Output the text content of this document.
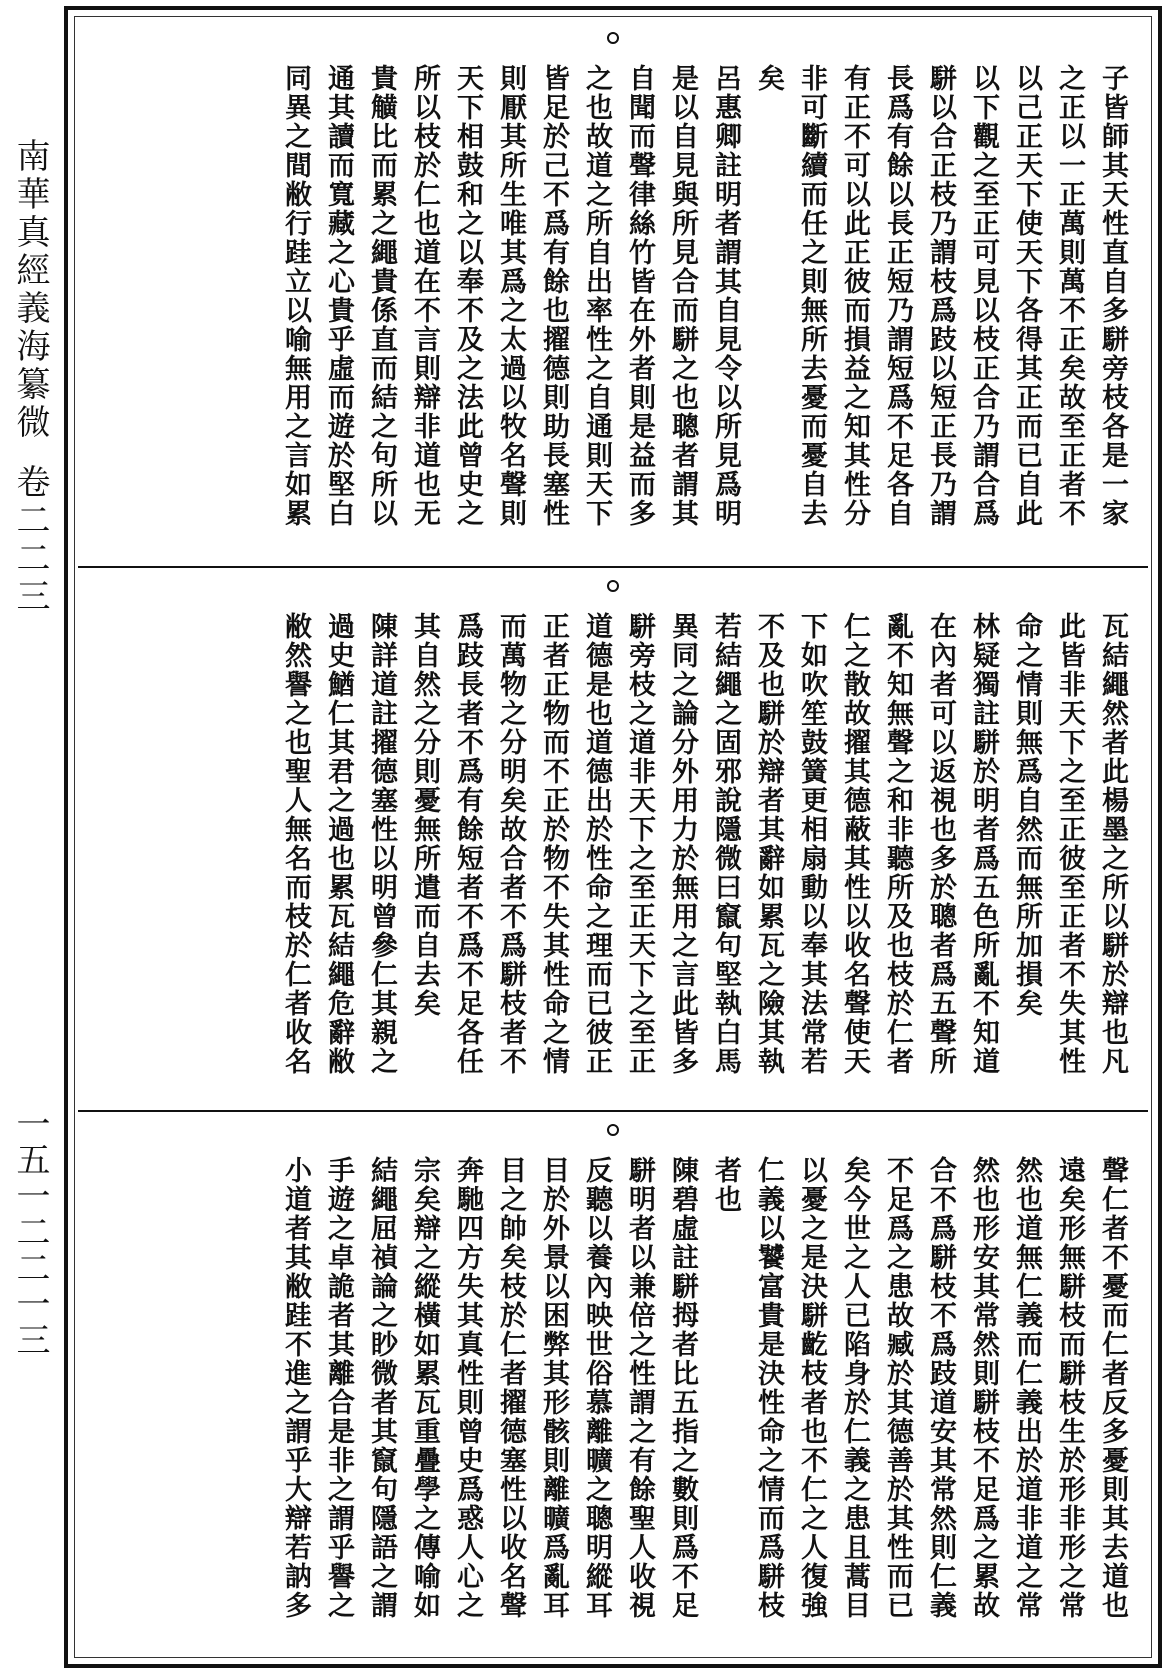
南華真經義海纂微卷二二三
一五一二二一三
子皆師其天性直自多駢旁枝各是一家
之正以一正萬則萬不正矣故至正者不
以己正天下使天下各得其正而已自此
以下觀之至正可見以枝正合乃謂合爲
駢以合正枝乃謂枝爲跂以短正長乃謂
長爲有餘以長正短乃謂短爲不足各自
有正不可以此正彼而損益之知其性分
非可斷續而任之則無所去憂而憂自去
矣
呂惠卿註明者謂其自見令以所見爲明
是以自見與所見合而駢之也聰者謂其
自聞而聲律絲竹皆在外者則是益而多
之也故道之所自出率性之自通則天下
皆足於己不爲有餘也擢德則助長塞性
則厭其所生唯其爲之太過以牧名聲則
天下相鼓和之以奉不及之法此曾史之
所以枝於仁也道在不言則辯非道也无
貴觵比而累之繩貴係直而結之句所以
通其讀而寬藏之心貴乎虛而遊於堅白
同異之間敝行跬立以喻無用之言如累
瓦結繩然者此楊墨之所以駢於辯也凡
此皆非天下之至正彼至正者不失其性
命之情則無爲自然而無所加損矣
林疑獨註駢於明者爲五色所亂不知道
在內者可以返視也多於聰者爲五聲所
亂不知無聲之和非聽所及也枝於仁者
仁之散故擢其德蔽其性以收名聲使天
下如吹笙鼓簧更相扇動以奉其法常若
不及也駢於辯者其辭如累瓦之險其執
若結繩之固邪說隱微曰竄句堅執白馬
異同之論分外用力於無用之言此皆多
駢旁枝之道非天下之至正天下之至正
道德是也道德出於性命之理而已彼正
正者正物而不正於物不失其性命之情
而萬物之分明矣故合者不爲駢枝者不
爲跂長者不爲有餘短者不爲不足各任
其自然之分則憂無所遣而自去矣
陳詳道註擢德塞性以明曾參仁其親之
過史鰌仁其君之過也累瓦結繩危辭敝
敝然譽之也聖人無名而枝於仁者收名
聲仁者不憂而仁者反多憂則其去道也
遠矣形無駢枝而駢枝生於形非形之常
然也道無仁義而仁義出於道非道之常
然也形安其常然則駢枝不足爲之累故
合不爲駢枝不爲跂道安其常然則仁義
不足爲之患故臧於其德善於其性而已
矣今世之人已陷身於仁義之患且蒿目
以憂之是決駢齕枝者也不仁之人復強
仁義以饕富貴是決性命之情而爲駢枝
者也
陳碧虛註駢拇者比五指之數則爲不足
駢明者以兼倍之性謂之有餘聖人收視
反聽以養內映世俗慕離曠之聰明縱耳
目於外景以困弊其形骸則離曠爲亂耳
目之帥矣枝於仁者擢德塞性以收名聲
奔馳四方失其真性則曾史爲惑人心之
宗矣辯之縱橫如累瓦重疊學之傳喻如
結繩屈禎論之眇微者其竄句隱語之謂
手遊之卓詭者其離合是非之謂乎譽之
小道者其敝跬不進之謂乎大辯若訥多
